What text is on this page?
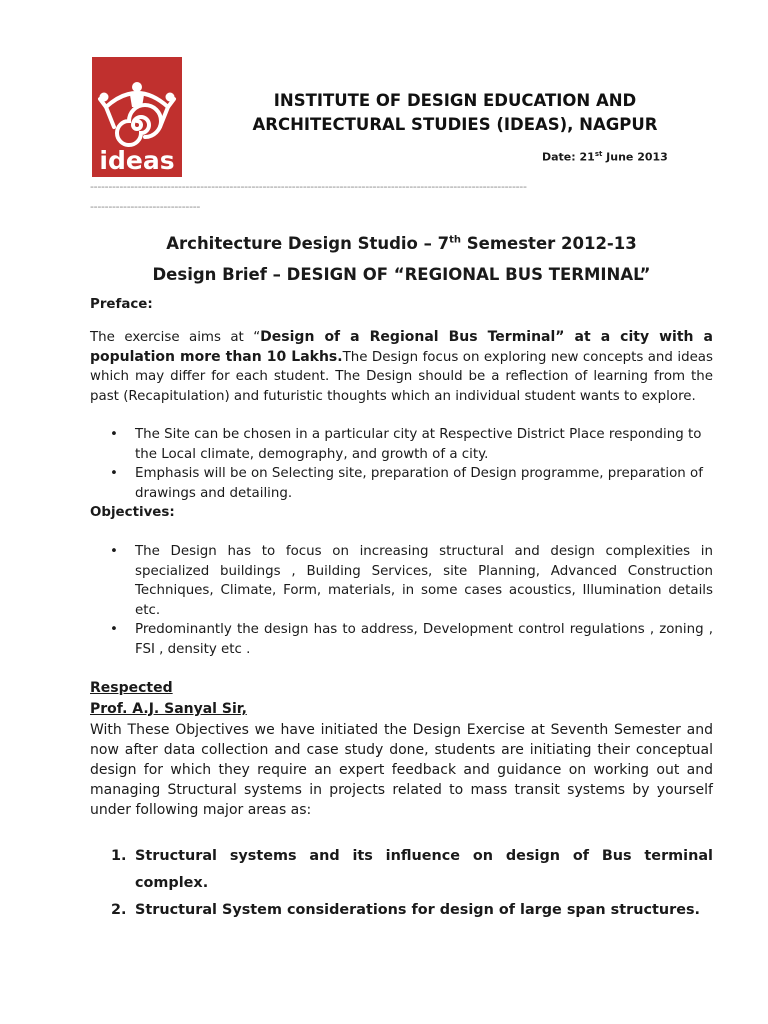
ideas
INSTITUTE OF DESIGN EDUCATION AND
ARCHITECTURAL STUDIES (IDEAS), NAGPUR
Date: 21st June 2013
-----------------------------------------------------------------------------------------------------------------------
------------------------------
Architecture Design Studio – 7th Semester 2012-13
Design Brief – DESIGN OF “REGIONAL BUS TERMINAL”
Preface:
The exercise aims at “Design of a Regional Bus Terminal” at a city with a population more than 10 Lakhs.The Design focus on exploring new concepts and ideas which may differ for each student. The Design should be a reflection of learning from the past (Recapitulation) and futuristic thoughts which an individual student wants to explore.
• The Site can be chosen in a particular city at Respective District Place responding to the Local climate, demography, and growth of a city.
• Emphasis will be on Selecting site, preparation of Design programme, preparation of drawings and detailing.
Objectives:
• The Design has to focus on increasing structural and design complexities in specialized buildings , Building Services, site Planning, Advanced Construction Techniques, Climate, Form, materials, in some cases acoustics, Illumination details etc.
• Predominantly the design has to address, Development control regulations , zoning , FSI , density etc .
Respected
Prof. A.J. Sanyal Sir,
With These Objectives we have initiated the Design Exercise at Seventh Semester and now after data collection and case study done, students are initiating their conceptual design for which they require an expert feedback and guidance on working out and managing Structural systems in projects related to mass transit systems by yourself under following major areas as:
1. Structural systems and its influence on design of Bus terminal complex.
2. Structural System considerations for design of large span structures.
